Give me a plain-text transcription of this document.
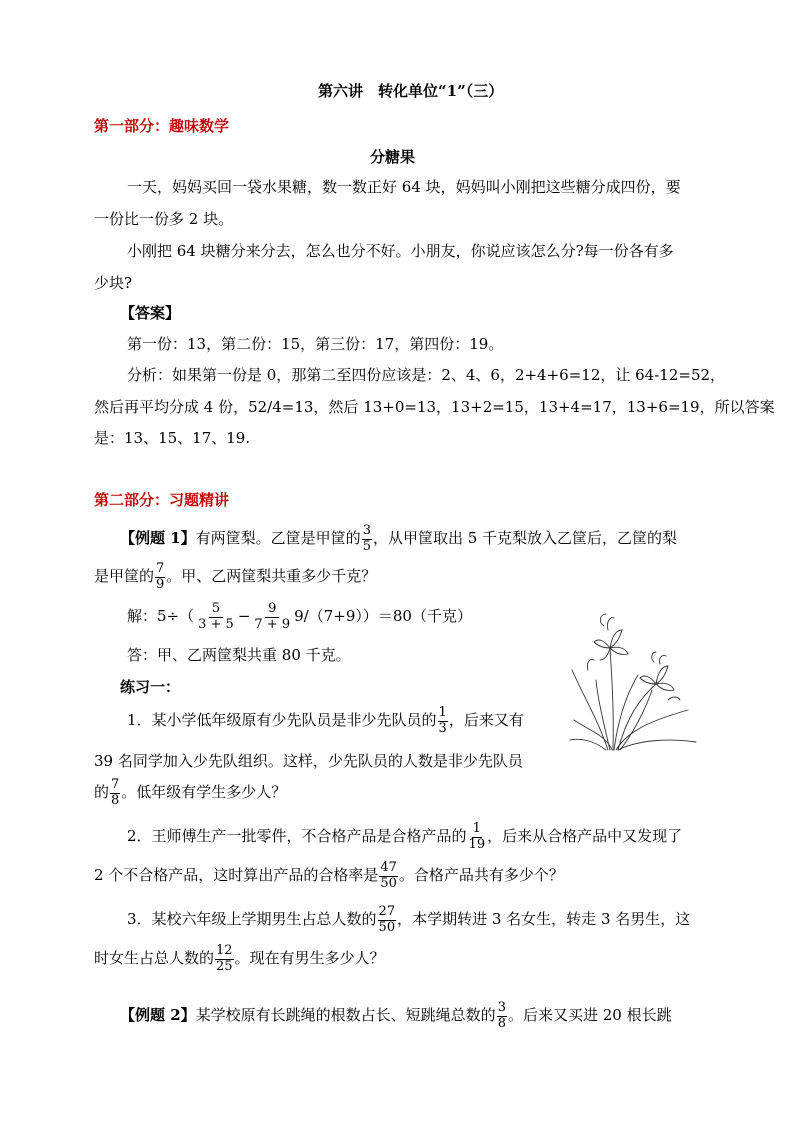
第六讲　转化单位“1”（三）
第一部分：趣味数学
分糖果
一天，妈妈买回一袋水果糖，数一数正好 64 块，妈妈叫小刚把这些糖分成四份，要
一份比一份多 2 块。
小刚把 64 块糖分来分去，怎么也分不好。小朋友，你说应该怎么分?每一份各有多
少块?
【答案】
第一份：13，第二份：15，第三份：17，第四份：19。
分析：如果第一份是 0，那第二至四份应该是：2、4、6，2+4+6=12，让 64-12=52，
然后再平均分成 4 份，52/4=13，然后 13+0=13，13+2=15，13+4=17，13+6=19，所以答案
是：13、15、17、19.
第二部分：习题精讲
【例题 1】有两筐梨。乙筐是甲筐的 $\frac{3}{5}$ ，从甲筐取出 5 千克梨放入乙筐后，乙筐的梨
是甲筐的 $\frac{7}{9}$ 。甲、乙两筐梨共重多少千克？
解：$5\div( \frac{5}{3 + 5} - \frac{9}{7 + 9} 9/(7+9))=80$（千克）
答：甲、乙两筐梨共重 80 千克。
练习一：
1．某小学低年级原有少先队员是非少先队员的 $\frac{1}{3}$ ，后来又有
39 名同学加入少先队组织。这样，少先队员的人数是非少先队员
的 $\frac{7}{8}$ 。低年级有学生多少人？
2．王师傅生产一批零件，不合格产品是合格产品的 $\frac{1}{19}$ ，后来从合格产品中又发现了
2 个不合格产品，这时算出产品的合格率是 $\frac{47}{50}$ 。合格产品共有多少个？
3．某校六年级上学期男生占总人数的 $\frac{27}{50}$ ，本学期转进 3 名女生，转走 3 名男生，这
时女生占总人数的 $\frac{12}{25}$ 。现在有男生多少人？
【例题 2】某学校原有长跳绳的根数占长、短跳绳总数的 $\frac{3}{8}$ 。后来又买进 20 根长跳
